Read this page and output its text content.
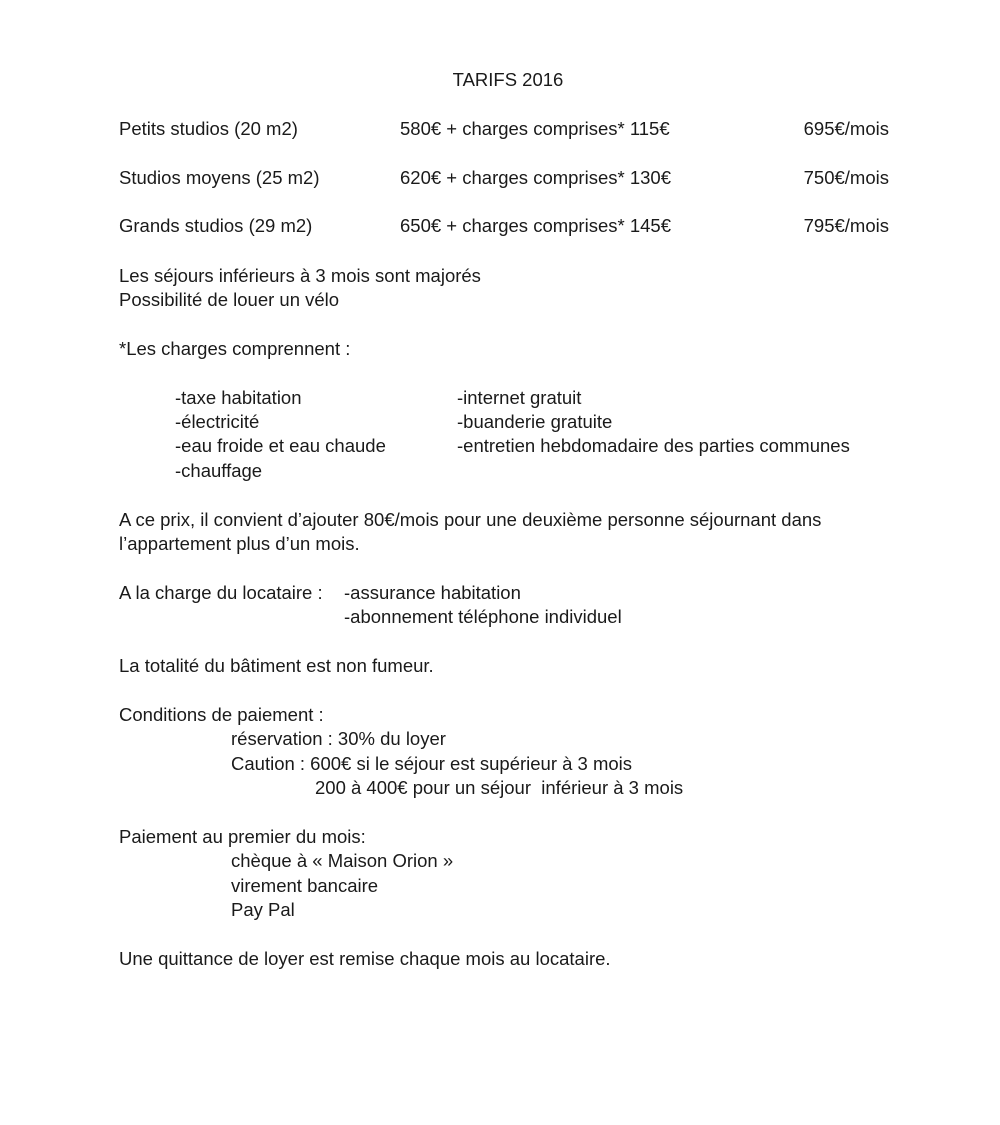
TARIFS 2016
Petits studios (20 m2)	580€ + charges comprises* 115€	695€/mois
Studios moyens (25 m2)	620€ + charges comprises* 130€	750€/mois
Grands studios (29 m2)	650€ + charges comprises* 145€	795€/mois
Les séjours inférieurs à 3 mois sont majorés
Possibilité de louer un vélo
*Les charges comprennent :
-taxe habitation
-électricité
-eau froide et eau chaude
-chauffage
-internet gratuit
-buanderie gratuite
-entretien hebdomadaire des parties communes
A ce prix, il convient d’ajouter 80€/mois pour une deuxième personne séjournant dans
l’appartement plus d’un mois.
A la charge du locataire : -assurance habitation
-abonnement téléphone individuel
La totalité du bâtiment est non fumeur.
Conditions de paiement :
réservation : 30% du loyer
Caution : 600€ si le séjour est supérieur à 3 mois
200 à 400€ pour un séjour  inférieur à 3 mois
Paiement au premier du mois:
chèque à « Maison Orion »
virement bancaire
Pay Pal
Une quittance de loyer est remise chaque mois au locataire.
